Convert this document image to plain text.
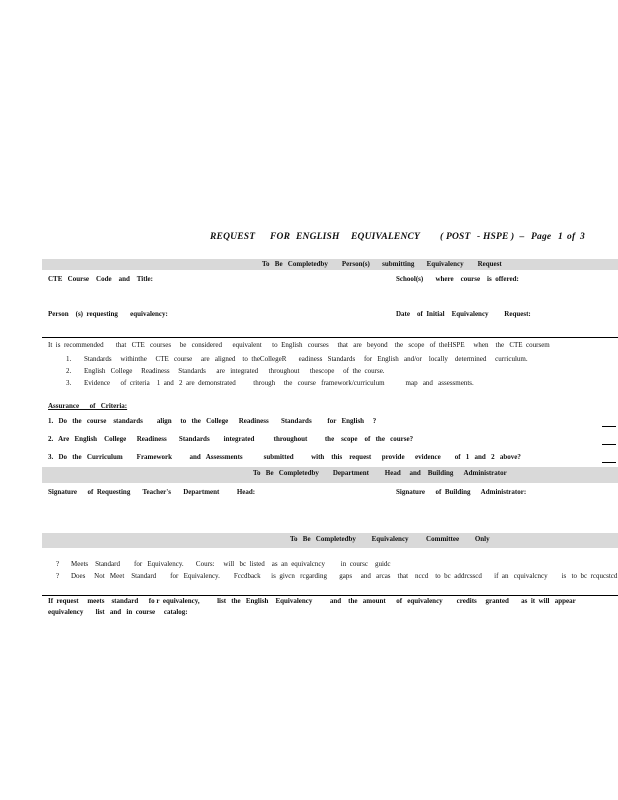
REQUEST FOR ENGLISH EQUIVALENCY ( POST - HSPE )  – Page 1 of 3
To   Be   Completedby        Person(s)       submitting       Equivalency        Request
CTE   Course    Code    and    Title:	School(s)       where    course    is  offered:
Person    (s)  requesting       equivalency:	Date    of  Initial    Equivalency         Request:
It  is  recommended       that   CTE   courses     be   considered      equivalent      to  English   courses     that   are   beyond    the   scope   of  theHSPE     when    the   CTE  coursem
1. Standards     withinthe     CTE   course     are   aligned    to  theCollegeR       eadiness   Standards     for   English   and/or    locally    determined     curriculum.
2. English   College     Readiness     Standards      are   integrated      throughout      thescope     of  the  course.
3. Evidence      of  criteria    1  and   2  are  demonstrated          through     the   course   framework/curriculum            map   and   assessments.
Assurance      of   Criteria:
1.   Do   the   course    standards        align     to   the   College      Readiness       Standards         for   English     ?
2.   Are   English    College      Readiness       Standards        integrated           throughout          the    scope    of   the   course?
3.   Do   the   Curriculum        Framework          and   Assessments            submitted          with    this    request      provide      evidence        of   1   and   2   above?
To   Be   Completedby        Department         Head     and    Building      Administrator
Signature      of  Requesting       Teacher's       Department          Head:	Signature      of  Building      Administrator:
To   Be   Completedby         Equivalency          Committee         Only
? Meets    Standard        for   Equivalency.       Cours:     will   bc  listed    as  an  equivalcncy         in  coursc    guidc
? Does     Not   Meet    Standard        for   Equivalency.        Fccdback      is  givcn   rcgarding       gaps     and   arcas    that    nccd    to  bc  addrcsscd       if  an   cquivalcncy        is   to  bc  rcqucstcd
If  request     meets    standard      fo r  equivalency,          list   the   English    Equivalency          and    the   amount      of   equivalency        credits     granted       as  it  will   appear
equivalency       list   and   in  course     catalog:
